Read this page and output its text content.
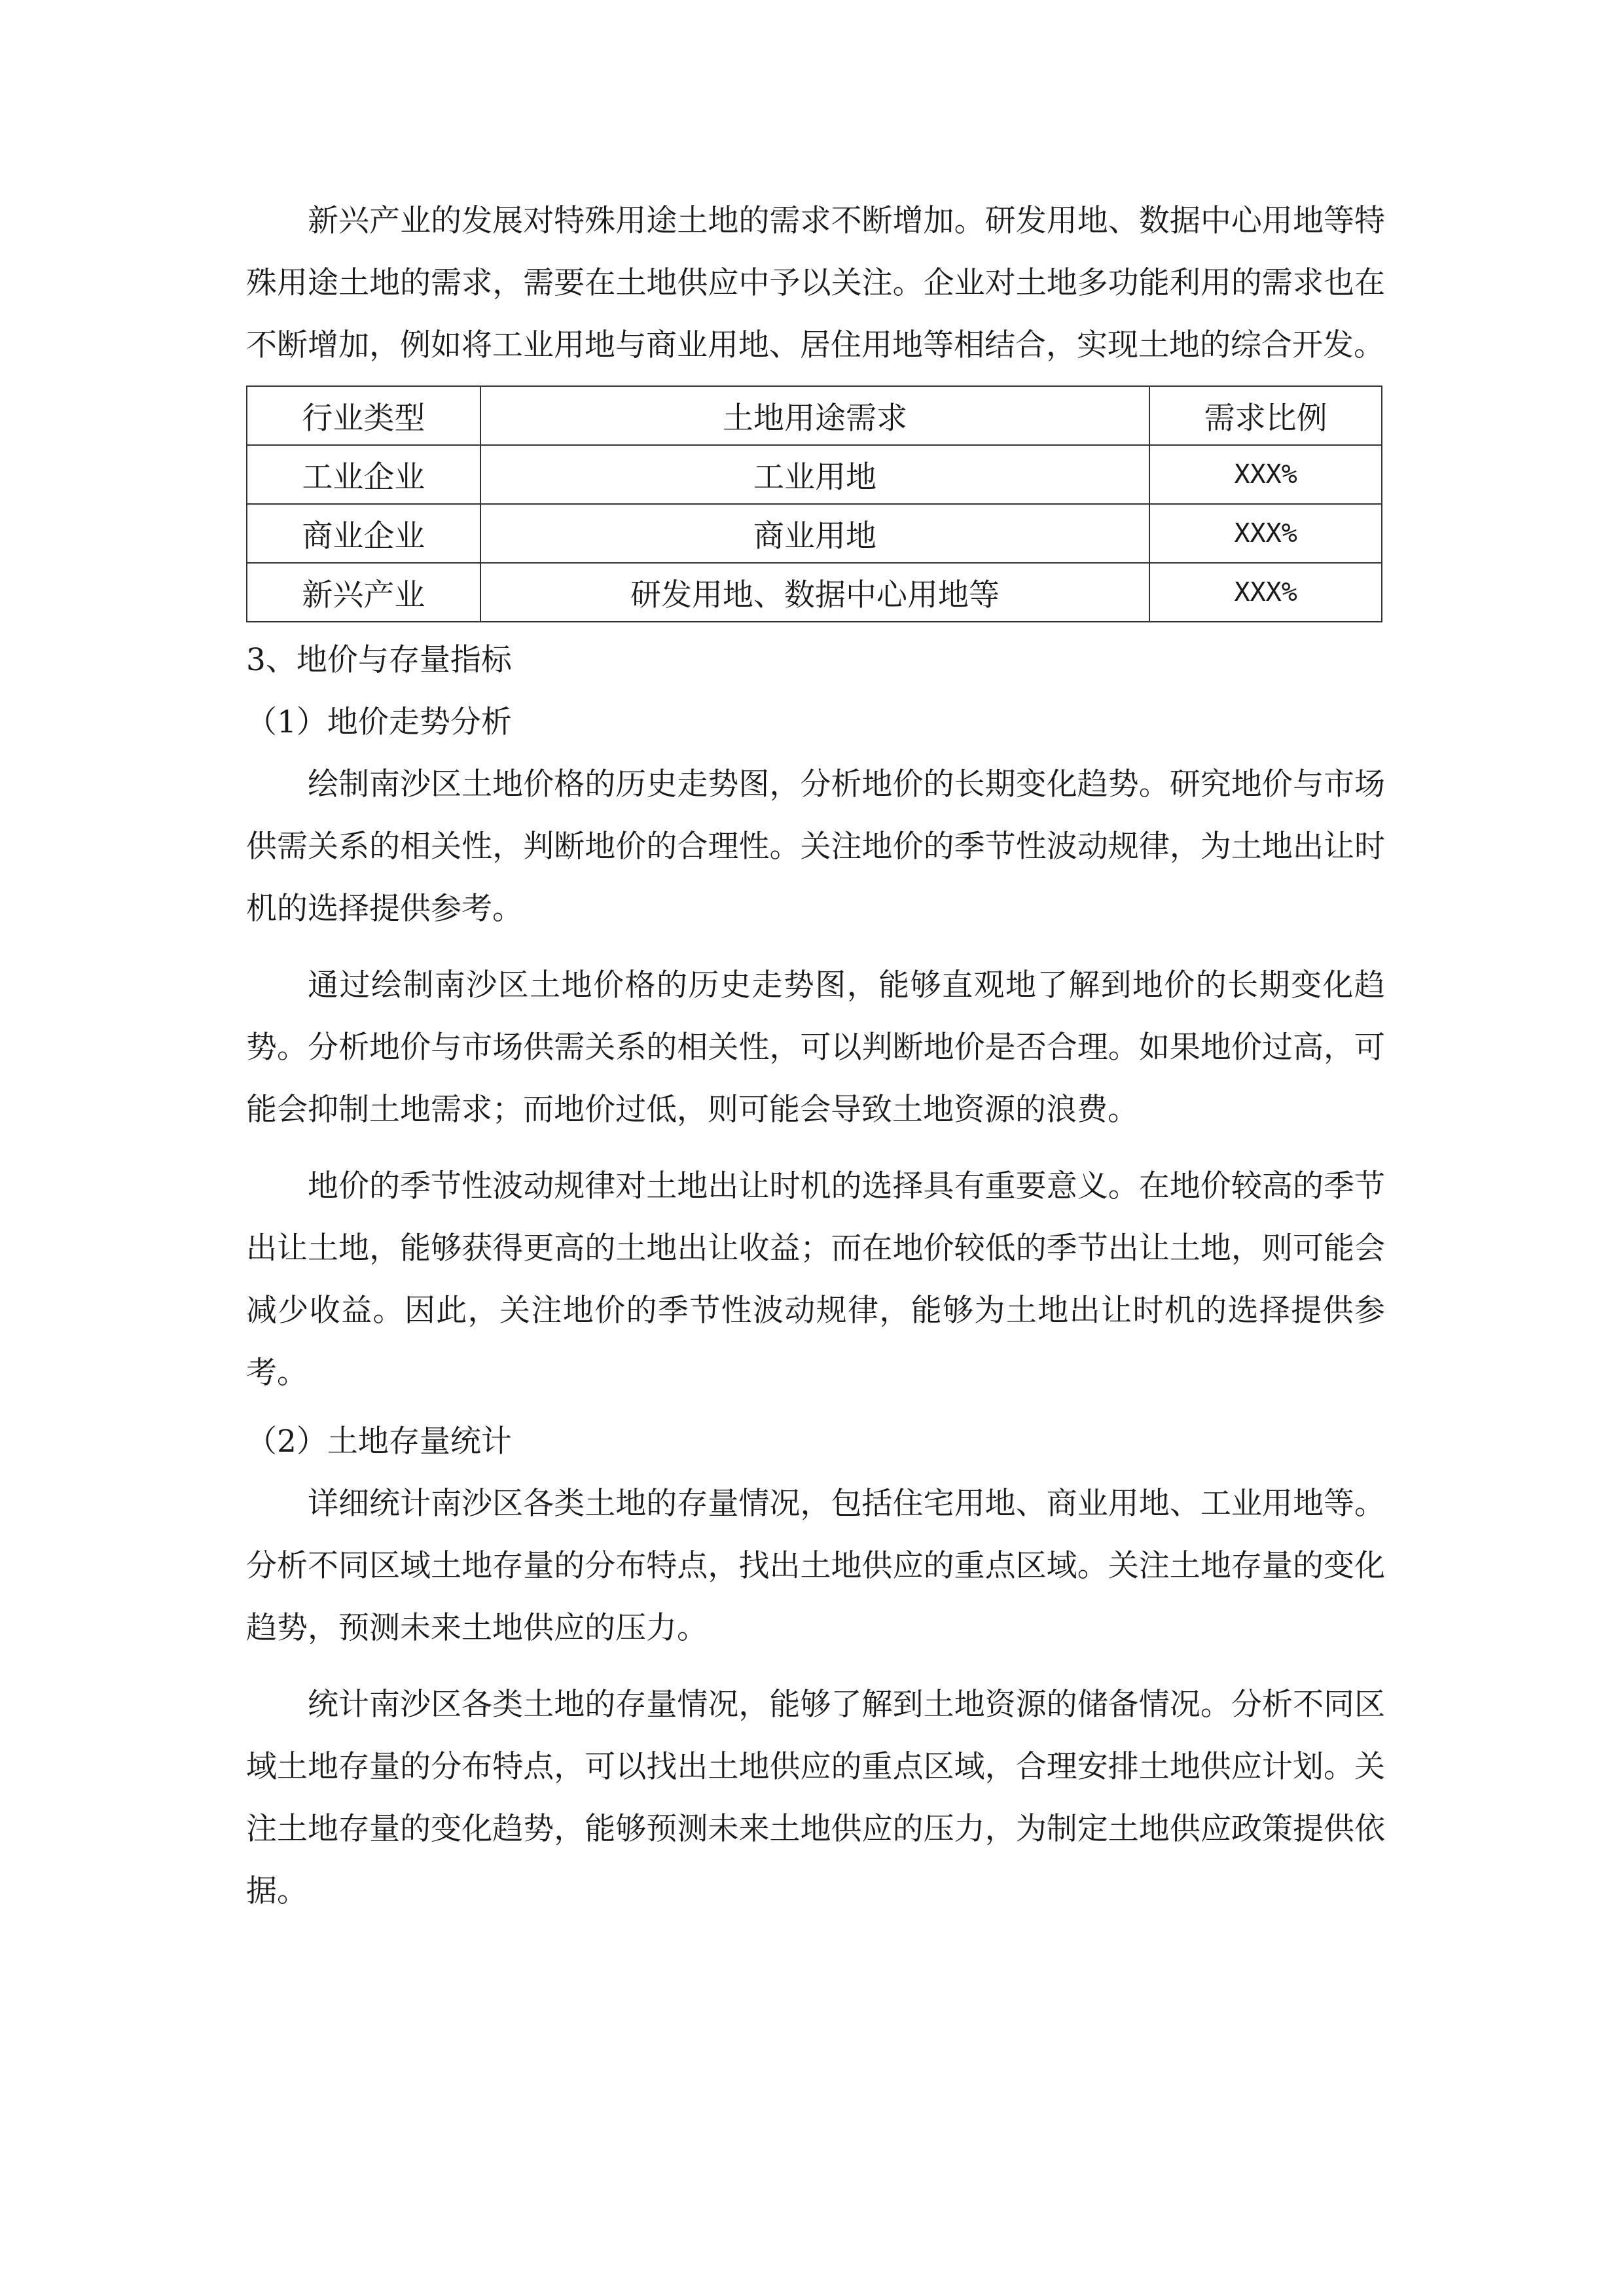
新兴产业的发展对特殊用途土地的需求不断增加。研发用地、数据中心用地等特殊用途土地的需求，需要在土地供应中予以关注。企业对土地多功能利用的需求也在不断增加，例如将工业用地与商业用地、居住用地等相结合，实现土地的综合开发。

行业类型	土地用途需求	需求比例
工业企业	工业用地	XXX%
商业企业	商业用地	XXX%
新兴产业	研发用地、数据中心用地等	XXX%

3、地价与存量指标

（1）地价走势分析

绘制南沙区土地价格的历史走势图，分析地价的长期变化趋势。研究地价与市场供需关系的相关性，判断地价的合理性。关注地价的季节性波动规律，为土地出让时机的选择提供参考。

通过绘制南沙区土地价格的历史走势图，能够直观地了解到地价的长期变化趋势。分析地价与市场供需关系的相关性，可以判断地价是否合理。如果地价过高，可能会抑制土地需求；而地价过低，则可能会导致土地资源的浪费。

地价的季节性波动规律对土地出让时机的选择具有重要意义。在地价较高的季节出让土地，能够获得更高的土地出让收益；而在地价较低的季节出让土地，则可能会减少收益。因此，关注地价的季节性波动规律，能够为土地出让时机的选择提供参考。

（2）土地存量统计

详细统计南沙区各类土地的存量情况，包括住宅用地、商业用地、工业用地等。分析不同区域土地存量的分布特点，找出土地供应的重点区域。关注土地存量的变化趋势，预测未来土地供应的压力。

统计南沙区各类土地的存量情况，能够了解到土地资源的储备情况。分析不同区域土地存量的分布特点，可以找出土地供应的重点区域，合理安排土地供应计划。关注土地存量的变化趋势，能够预测未来土地供应的压力，为制定土地供应政策提供依据。
